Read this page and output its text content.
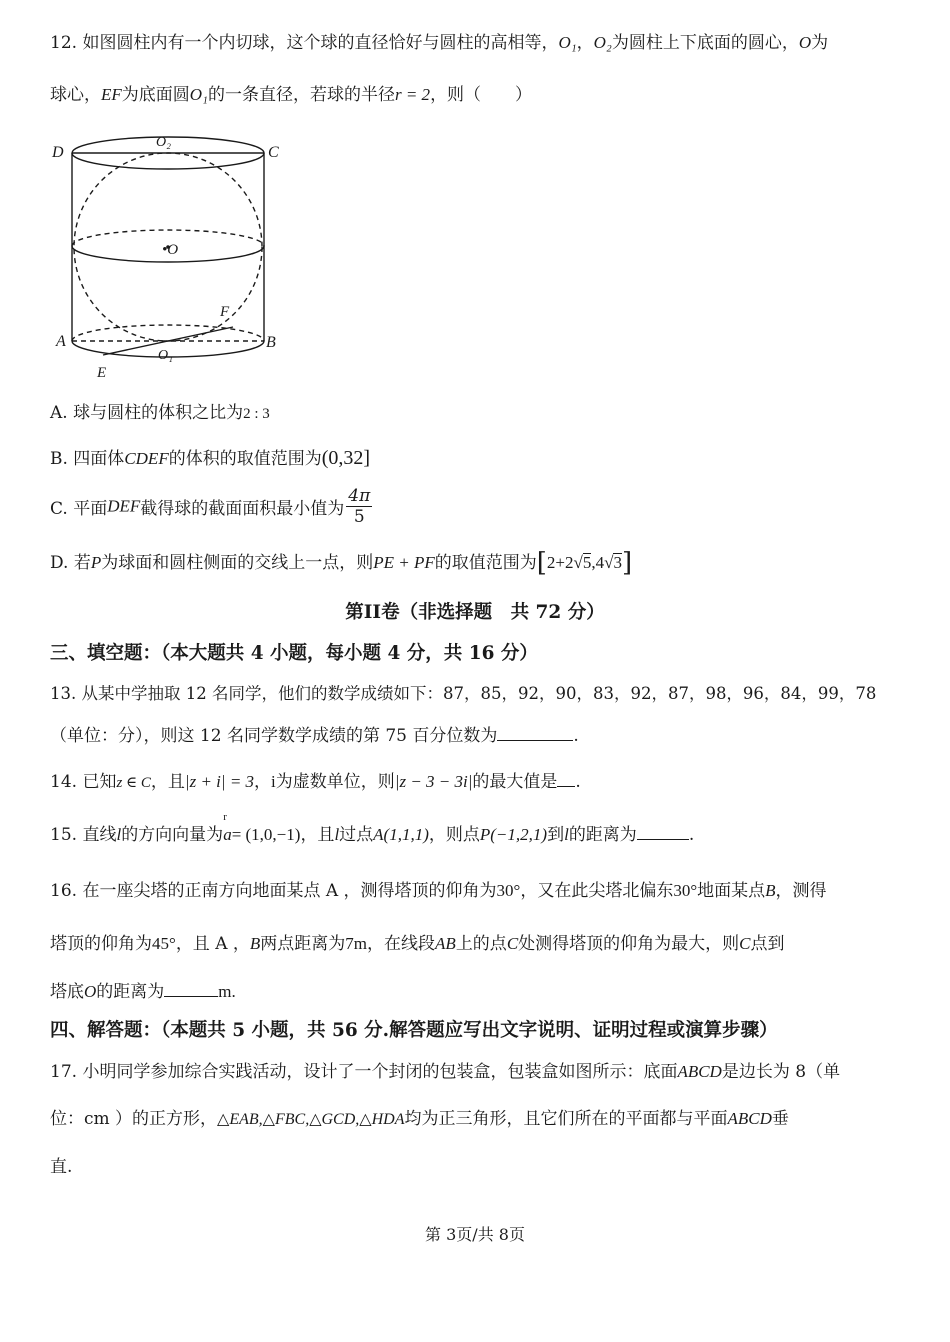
12. 如图圆柱内有一个内切球，这个球的直径恰好与圆柱的高相等，O₁，O₂为圆柱上下底面的圆心，O为
球心，EF为底面圆O₁的一条直径，若球的半径r = 2，则（　　）
D	C
O₂
•O
F
A	B
O₁
E
A. 球与圆柱的体积之比为2 : 3
B. 四面体CDEF的体积的取值范围为(0,32]
C. 平面DEF截得球的截面面积最小值为 $\frac{4\pi}{5}$
D. 若P为球面和圆柱侧面的交线上一点，则PE + PF的取值范围为[2+2√5,4√3]
第II卷（非选择题　共 72 分）
三、填空题：（本大题共 4 小题，每小题 4 分，共 16 分）
13. 从某中学抽取 12 名同学，他们的数学成绩如下：87，85，92，90，83，92，87，98，96，84，99，78
（单位：分），则这 12 名同学数学成绩的第 75 百分位数为	.
14. 已知z ∈ C，且|z + i| = 3，i为虚数单位，则|z − 3 − 3i|的最大值是 .
15. 直线l的方向向量为
r
a= (1,0,−1)，且l过点A(1,1,1)，则点P(−1,2,1)到l的距离为	.
16. 在一座尖塔的正南方向地面某点 A ，测得塔顶的仰角为30°，又在此尖塔北偏东30°地面某点B，测得
塔顶的仰角为45°，且 A ，B两点距离为7m，在线段AB上的点C处测得塔顶的仰角为最大，则C点到
塔底O的距离为	m.
四、解答题：（本题共 5 小题，共 56 分.解答题应写出文字说明、证明过程或演算步骤）
17. 小明同学参加综合实践活动，设计了一个封闭的包装盒，包装盒如图所示：底面ABCD是边长为 8（单
位：cm ）的正方形，△EAB,△FBC,△GCD,△HDA均为正三角形，且它们所在的平面都与平面ABCD垂
直.
第 3页/共 8页
